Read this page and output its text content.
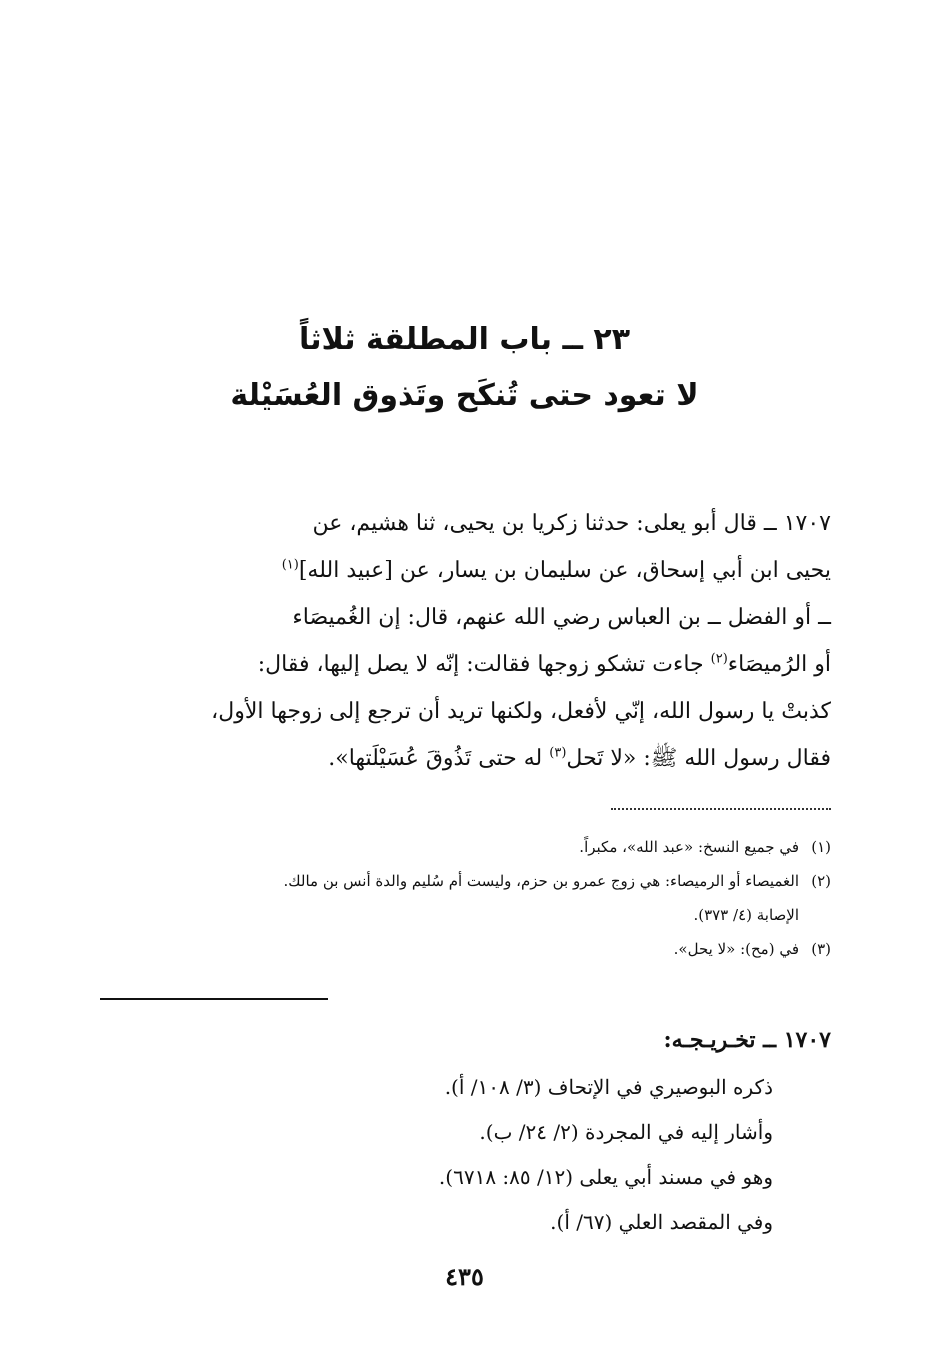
٢٣ ــ باب المطلقة ثلاثاً
لا تعود حتى تُنكَح وتَذوق العُسَيْلة

١٧٠٧ ــ قال أبو يعلى: حدثنا زكريا بن يحيى، ثنا هشيم، عن

يحيى ابن أبي إسحاق، عن سليمان بن يسار، عن [عبيد الله]$^{(١)}$

ــ أو الفضل ــ بن العباس رضي الله عنهم، قال: إن الغُميصَاء

أو الرُميصَاء$^{(٢)}$ جاءت تشكو زوجها فقالت: إنّه لا يصل إليها، فقال:

كذبتْ يا رسول الله، إنّي لأفعل، ولكنها تريد أن ترجع إلى زوجها الأول،

فقال رسول الله ﷺ: «لا تَحل$^{(٣)}$ له حتى تَذُوقَ عُسَيْلَتها».

(١)في جميع النسخ: «عبد الله»، مكبراً.
(٢)الغميصاء أو الرميصاء: هي زوج عمرو بن حزم، وليست أم سُليم والدة أنس بن مالك.
الإصابة (٤/ ٣٧٣).
(٣)في (مح): «لا يحل».
١٧٠٧ ــ تخـريـجـه:
ذكره البوصيري في الإتحاف (٣/ ١٠٨/ أ).
وأشار إليه في المجردة (٢/ ٢٤/ ب).
وهو في مسند أبي يعلى (١٢/ ٨٥: ٦٧١٨).
وفي المقصد العلي (٦٧/ أ).
٤٣٥
